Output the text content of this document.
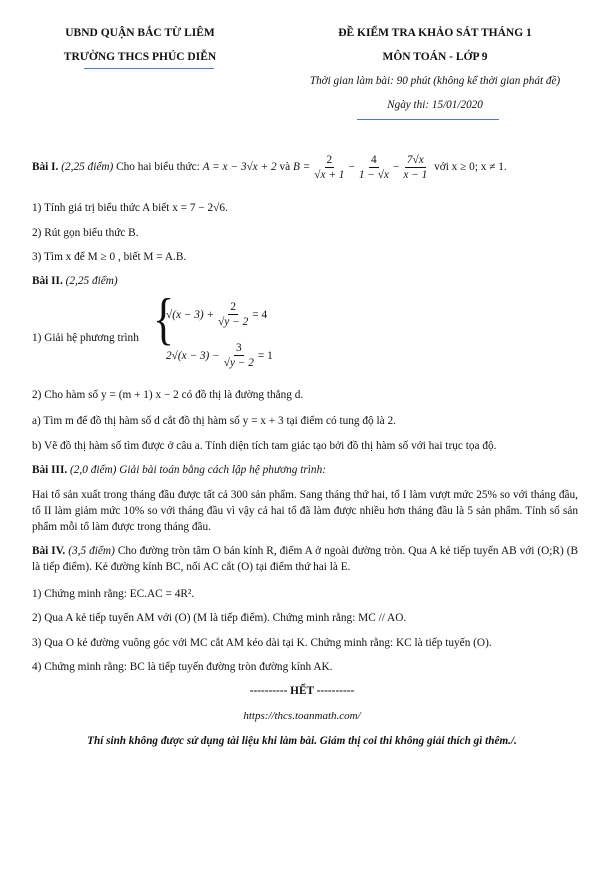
UBND QUẬN BẮC TỪ LIÊM
TRƯỜNG THCS PHÚC DIỄN
ĐỀ KIỂM TRA KHẢO SÁT THÁNG 1
MÔN TOÁN - LỚP 9
Thời gian làm bài: 90 phút (không kể thời gian phát đề)
Ngày thi: 15/01/2020
Bài I.
(2,25 điểm)
Cho hai biểu thức:
A = x − 3√x + 2
và
$B = \frac{2}{√x + 1} - \frac{4}{1 - √x} - \frac{7√x}{x - 1}$
với x ≥ 0; x ≠ 1.
1) Tính giá trị biểu thức A biết x = 7 − 2√6.
2) Rút gọn biểu thức B.
3) Tìm x để M ≥ 0 , biết M = A.B.
Bài II. (2,25 điểm)
1) Giải hệ phương trình {
$√(x - 3) + \frac{2}{√y - 2} = 4$
$2√(x - 3) - \frac{3}{√y - 2} = 1$
2) Cho hàm số y = (m + 1) x − 2 có đồ thị là đường thẳng d.
a) Tìm m để đồ thị hàm số d cắt đồ thị hàm số y = x + 3 tại điểm có tung độ là 2.
b) Vẽ đồ thị hàm số tìm được ở câu a. Tính diện tích tam giác tạo bởi đồ thị hàm số với hai trục tọa độ.
Bài III. (2,0 điểm) Giải bài toán bằng cách lập hệ phương trình:
Hai tổ sản xuất trong tháng đầu được tất cả 300 sản phẩm. Sang tháng thứ hai, tổ I làm vượt mức 25% so với tháng đầu, tổ II làm giảm mức 10% so với tháng đầu vì vậy cả hai tổ đã làm được nhiều hơn tháng đầu là 5 sản phẩm. Tính số sản phẩm mỗi tổ làm được trong tháng đầu.
Bài IV. (3,5 điểm) Cho đường tròn tâm O bán kính R, điểm A ở ngoài đường tròn. Qua A kẻ tiếp tuyến AB với (O;R) (B là tiếp điểm). Kẻ đường kính BC, nối AC cắt (O) tại điểm thứ hai là E.
1) Chứng minh rằng: EC.AC = 4R².
2) Qua A kẻ tiếp tuyến AM với (O) (M là tiếp điểm). Chứng minh rằng: MC // AO.
3) Qua O kẻ đường vuông góc với MC cắt AM kéo dài tại K. Chứng minh rằng: KC là tiếp tuyến (O).
4) Chứng minh rằng: BC là tiếp tuyến đường tròn đường kính AK.
---------- HẾT ----------
https://thcs.toanmath.com/
Thí sinh không được sử dụng tài liệu khi làm bài. Giám thị coi thi không giải thích gì thêm./.
